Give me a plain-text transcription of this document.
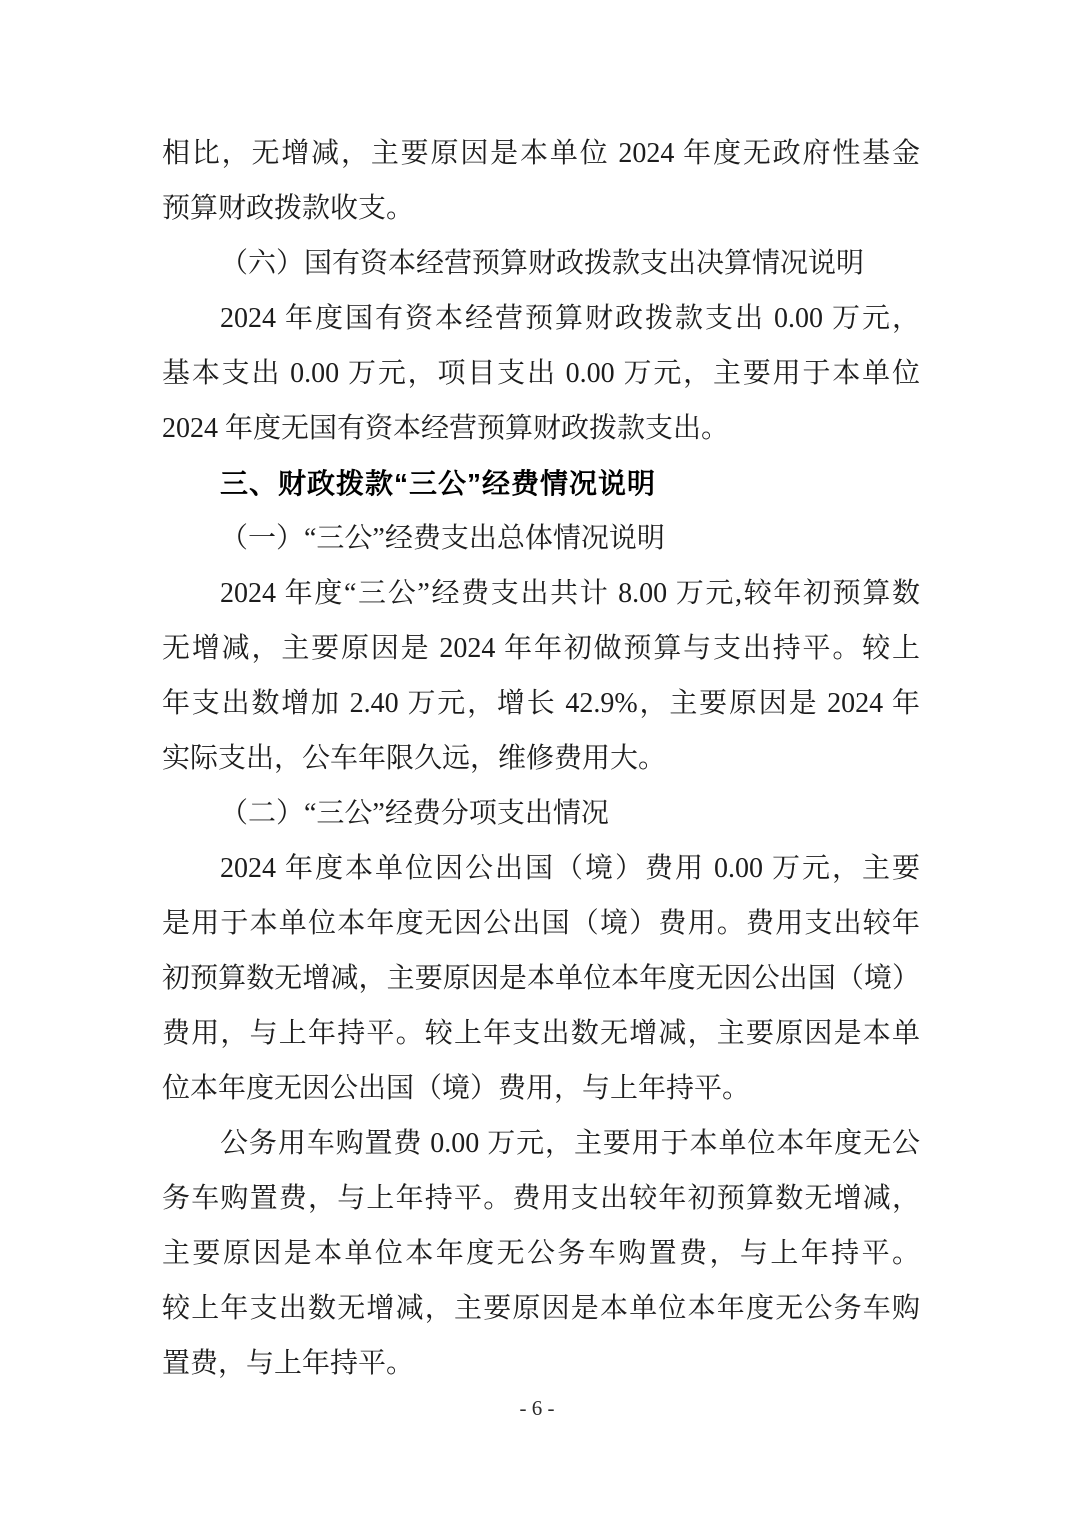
相比，无增减，主要原因是本单位 2024 年度无政府性基金
预算财政拨款收支。
（六）国有资本经营预算财政拨款支出决算情况说明
2024 年度国有资本经营预算财政拨款支出 0.00 万元，
基本支出 0.00 万元，项目支出 0.00 万元，主要用于本单位
2024 年度无国有资本经营预算财政拨款支出。
三、财政拨款“三公”经费情况说明
（一）“三公”经费支出总体情况说明
2024 年度“三公”经费支出共计 8.00 万元,较年初预算数
无增减，主要原因是 2024 年年初做预算与支出持平。较上
年支出数增加 2.40 万元，增长 42.9%，主要原因是 2024 年
实际支出，公车年限久远，维修费用大。
（二）“三公”经费分项支出情况
2024 年度本单位因公出国（境）费用 0.00 万元，主要
是用于本单位本年度无因公出国（境）费用。费用支出较年
初预算数无增减，主要原因是本单位本年度无因公出国（境）
费用，与上年持平。较上年支出数无增减，主要原因是本单
位本年度无因公出国（境）费用，与上年持平。
公务用车购置费 0.00 万元，主要用于本单位本年度无公
务车购置费，与上年持平。费用支出较年初预算数无增减，
主要原因是本单位本年度无公务车购置费，与上年持平。
较上年支出数无增减，主要原因是本单位本年度无公务车购
置费，与上年持平。
- 6 -
